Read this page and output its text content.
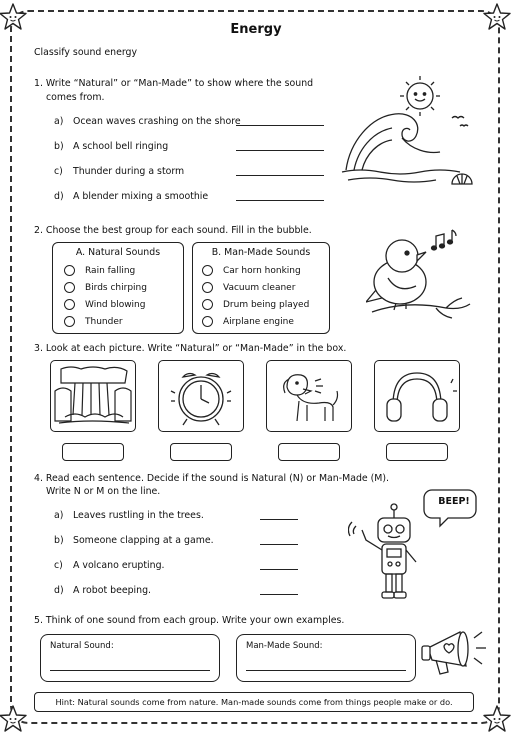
Energy
Classify sound energy
1. Write “Natural” or “Man-Made” to show where the sound
comes from.
a) Ocean waves crashing on the shore
b) A school bell ringing
c) Thunder during a storm
d) A blender mixing a smoothie
2. Choose the best group for each sound. Fill in the bubble.
A. Natural Sounds
Rain falling
Birds chirping
Wind blowing
Thunder
B. Man-Made Sounds
Car horn honking
Vacuum cleaner
Drum being played
Airplane engine
3. Look at each picture. Write “Natural” or “Man-Made” in the box.
4. Read each sentence. Decide if the sound is Natural (N) or Man-Made (M).
Write N or M on the line.
a) Leaves rustling in the trees.
b) Someone clapping at a game.
c) A volcano erupting.
d) A robot beeping.
BEEP!
5. Think of one sound from each group. Write your own examples.
Natural Sound:	Man-Made Sound:
Hint: Natural sounds come from nature. Man-made sounds come from things people make or do.
